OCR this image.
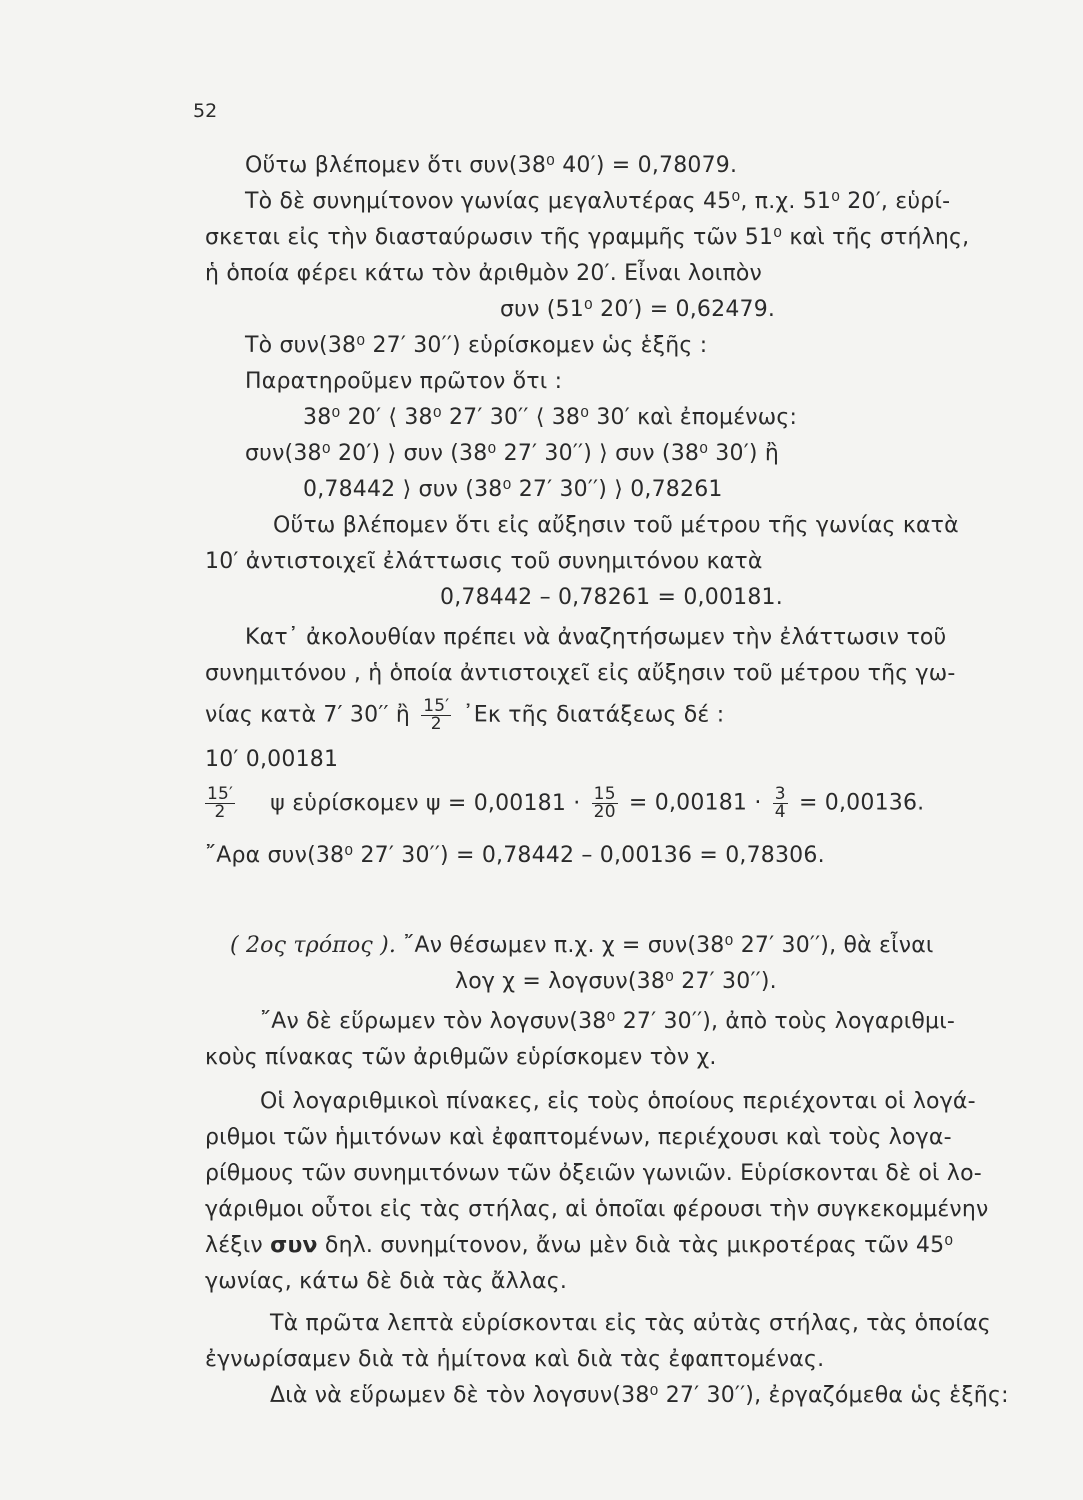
52
Οὕτω βλέπομεν ὅτι συν(38⁰ 40′) = 0,78079.
Τὸ δὲ συνημίτονον γωνίας μεγαλυτέρας 45⁰, π.χ. 51⁰ 20′, εὑρί-
σκεται εἰς τὴν διασταύρωσιν τῆς γραμμῆς τῶν 51⁰ καὶ τῆς στήλης,
ἡ ὁποία φέρει κάτω τὸν ἀριθμὸν 20′. Εἶναι λοιπὸν
συν (51⁰ 20′) = 0,62479.
Τὸ συν(38⁰ 27′ 30′′) εὑρίσκομεν ὡς ἑξῆς :
Παρατηροῦμεν πρῶτον ὅτι :
38⁰ 20′ ⟨ 38⁰ 27′ 30′′ ⟨ 38⁰ 30′ καὶ ἐπομένως:
συν(38⁰ 20′) ⟩ συν (38⁰ 27′ 30′′) ⟩ συν (38⁰ 30′) ἢ
0,78442 ⟩ συν (38⁰ 27′ 30′′) ⟩ 0,78261
Οὕτω βλέπομεν ὅτι εἰς αὔξησιν τοῦ μέτρου τῆς γωνίας κατὰ
10′ ἀντιστοιχεῖ ἐλάττωσις τοῦ συνημιτόνου κατὰ
0,78442 – 0,78261 = 0,00181.
Κατ᾽ ἀκολουθίαν πρέπει νὰ ἀναζητήσωμεν τὴν ἐλάττωσιν τοῦ
συνημιτόνου , ἡ ὁποία ἀντιστοιχεῖ εἰς αὔξησιν τοῦ μέτρου τῆς γω-
νίας κατὰ 7′ 30′′ ἢ $\frac{15'}{2}$ ᾽Εκ τῆς διατάξεως δέ :
10′ 0,00181
$\frac{15'}{2}$ ψ εὑρίσκομεν $\psi = 0,00181 \cdot \frac{15}{20} = 0,00181 \cdot \frac{3}{4} = 0,00136$.
῎Αρα συν(38⁰ 27′ 30′′) = 0,78442 – 0,00136 = 0,78306.
( 2ος τρόπος ). ῎Αν θέσωμεν π.χ. χ = συν(38⁰ 27′ 30′′), θὰ εἶναι
λογ χ = λογσυν(38⁰ 27′ 30′′).
῎Αν δὲ εὕρωμεν τὸν λογσυν(38⁰ 27′ 30′′), ἀπὸ τοὺς λογαριθμι-
κοὺς πίνακας τῶν ἀριθμῶν εὑρίσκομεν τὸν χ.
Οἱ λογαριθμικοὶ πίνακες, εἰς τοὺς ὁποίους περιέχονται οἱ λογά-
ριθμοι τῶν ἡμιτόνων καὶ ἐφαπτομένων, περιέχουσι καὶ τοὺς λογα-
ρίθμους τῶν συνημιτόνων τῶν ὀξειῶν γωνιῶν. Εὑρίσκονται δὲ οἱ λο-
γάριθμοι οὗτοι εἰς τὰς στήλας, αἱ ὁποῖαι φέρουσι τὴν συγκεκομμένην
λέξιν συν δηλ. συνημίτονον, ἄνω μὲν διὰ τὰς μικροτέρας τῶν 45⁰
γωνίας, κάτω δὲ διὰ τὰς ἄλλας.
Τὰ πρῶτα λεπτὰ εὑρίσκονται εἰς τὰς αὐτὰς στήλας, τὰς ὁποίας
ἐγνωρίσαμεν διὰ τὰ ἡμίτονα καὶ διὰ τὰς ἐφαπτομένας.
Διὰ νὰ εὕρωμεν δὲ τὸν λογσυν(38⁰ 27′ 30′′), ἐργαζόμεθα ὡς ἑξῆς:
